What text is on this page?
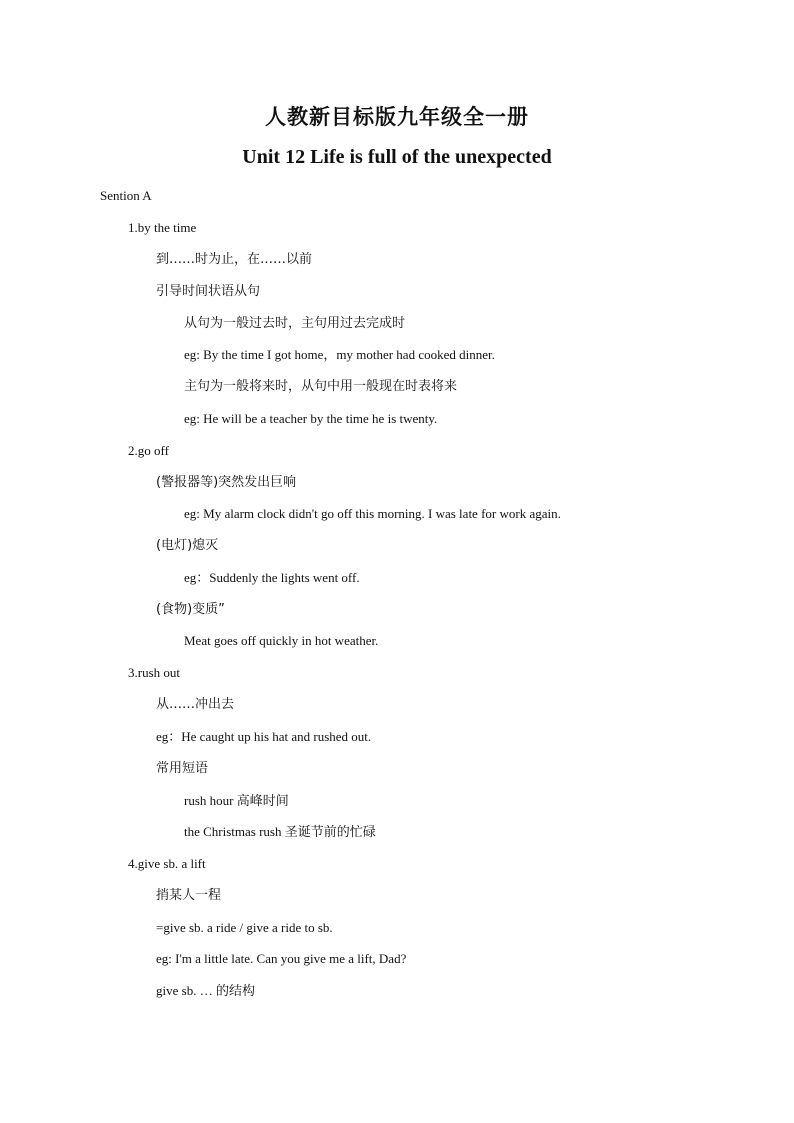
人教新目标版九年级全一册
Unit 12 Life is full of the unexpected
Sention A
1.by the time
到……时为止，在……以前
引导时间状语从句
从句为一般过去时，主句用过去完成时
eg: By the time I got home，my mother had cooked dinner.
主句为一般将来时，从句中用一般现在时表将来
eg: He will be a teacher by the time he is twenty.
2.go off
(警报器等)突然发出巨响
eg: My alarm clock didn't go off this morning. I was late for work again.
(电灯)熄灭
eg：Suddenly the lights went off.
(食物)变质”
Meat goes off quickly in hot weather.
3.rush out
从……冲出去
eg：He caught up his hat and rushed out.
常用短语
rush hour 高峰时间
the Christmas rush 圣诞节前的忙碌
4.give sb. a lift
捎某人一程
=give sb. a ride / give a ride to sb.
eg: I'm a little late. Can you give me a lift, Dad?
give sb. … 的结构
